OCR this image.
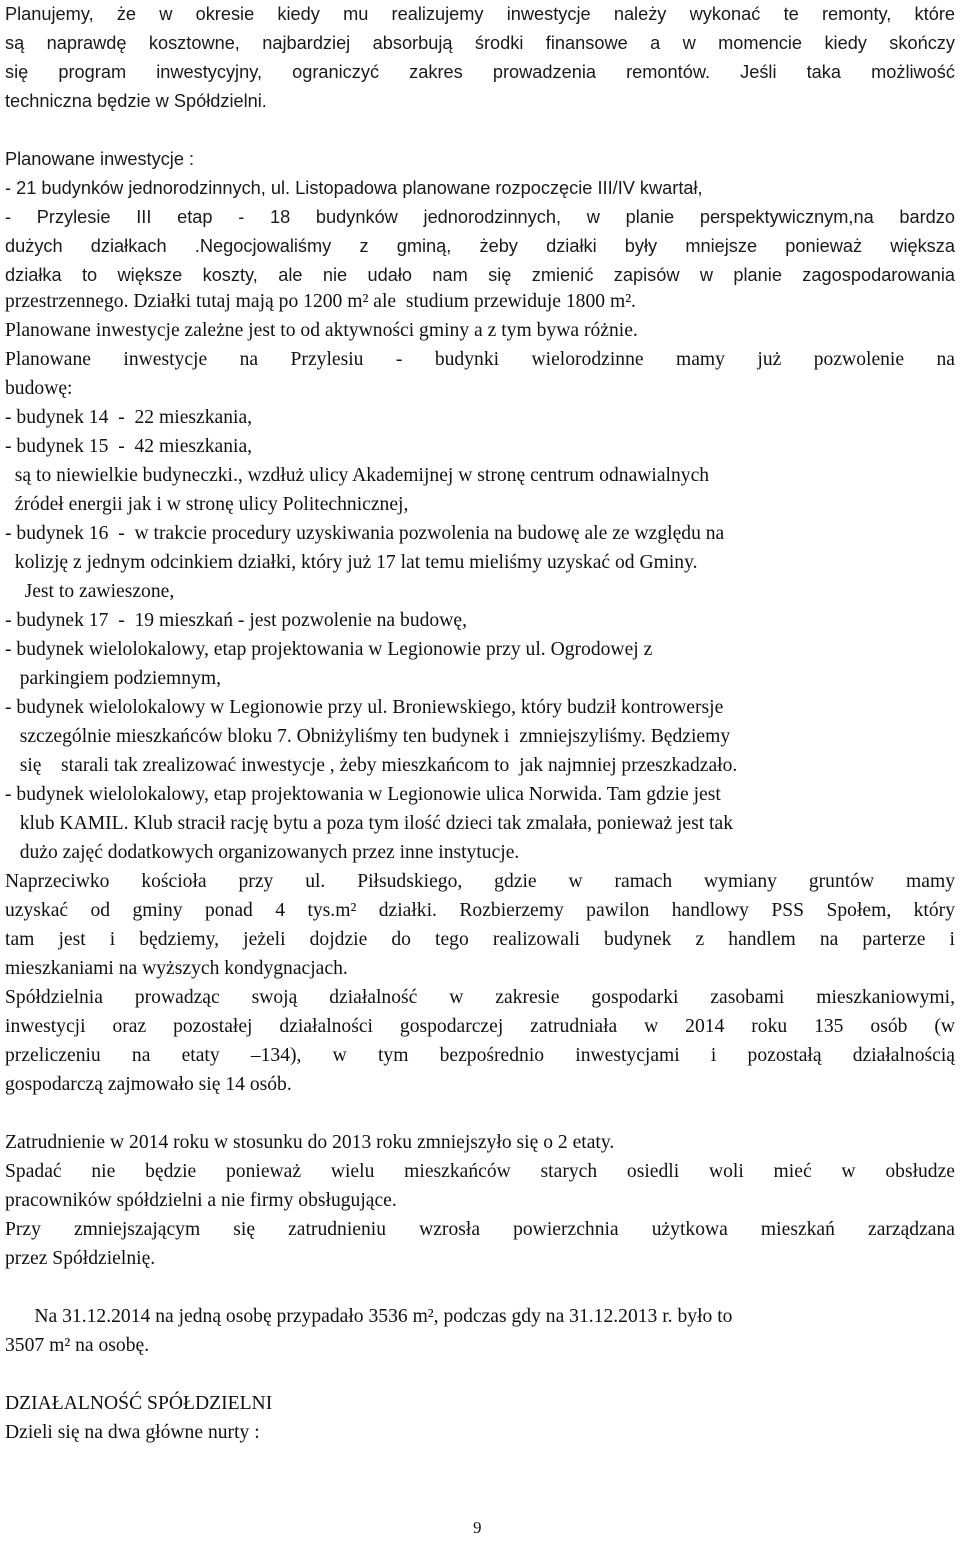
Planujemy, że w okresie kiedy mu realizujemy inwestycje należy wykonać te remonty, które
są naprawdę kosztowne, najbardziej absorbują środki finansowe a w momencie kiedy skończy
się program inwestycyjny, ograniczyć zakres prowadzenia remontów. Jeśli taka możliwość
techniczna będzie w Spółdzielni.
Planowane inwestycje :
- 21 budynków jednorodzinnych, ul. Listopadowa planowane rozpoczęcie III/IV kwartał,
- Przylesie III etap - 18 budynków jednorodzinnych, w planie perspektywicznym,na bardzo
dużych działkach .Negocjowaliśmy z gminą, żeby działki były mniejsze ponieważ większa
działka to większe koszty, ale nie udało nam się zmienić zapisów w planie zagospodarowania
przestrzennego. Działki tutaj mają po 1200 m² ale  studium przewiduje 1800 m².
Planowane inwestycje zależne jest to od aktywności gminy a z tym bywa różnie.
Planowane inwestycje na Przylesiu - budynki wielorodzinne mamy już pozwolenie na
budowę:
- budynek 14  -  22 mieszkania,
- budynek 15  -  42 mieszkania,
są to niewielkie budyneczki., wzdłuż ulicy Akademijnej w stronę centrum odnawialnych
źródeł energii jak i w stronę ulicy Politechnicznej,
- budynek 16  -  w trakcie procedury uzyskiwania pozwolenia na budowę ale ze względu na
kolizję z jednym odcinkiem działki, który już 17 lat temu mieliśmy uzyskać od Gminy.
Jest to zawieszone,
- budynek 17  -  19 mieszkań - jest pozwolenie na budowę,
- budynek wielolokalowy, etap projektowania w Legionowie przy ul. Ogrodowej z
parkingiem podziemnym,
- budynek wielolokalowy w Legionowie przy ul. Broniewskiego, który budził kontrowersje
szczególnie mieszkańców bloku 7. Obniżyliśmy ten budynek i  zmniejszyliśmy. Będziemy
się    starali tak zrealizować inwestycje , żeby mieszkańcom to  jak najmniej przeszkadzało.
- budynek wielolokalowy, etap projektowania w Legionowie ulica Norwida. Tam gdzie jest
klub KAMIL. Klub stracił rację bytu a poza tym ilość dzieci tak zmalała, ponieważ jest tak
dużo zajęć dodatkowych organizowanych przez inne instytucje.
Naprzeciwko kościoła przy ul. Piłsudskiego, gdzie w ramach wymiany gruntów mamy
uzyskać od gminy ponad 4 tys.m² działki. Rozbierzemy pawilon handlowy PSS Społem, który
tam jest i będziemy, jeżeli dojdzie do tego realizowali budynek z handlem na parterze i
mieszkaniami na wyższych kondygnacjach.
Spółdzielnia prowadząc swoją działalność w zakresie gospodarki zasobami mieszkaniowymi,
inwestycji oraz pozostałej działalności gospodarczej zatrudniała w 2014 roku 135 osób (w
przeliczeniu na etaty –134), w tym bezpośrednio inwestycjami i pozostałą działalnością
gospodarczą zajmowało się 14 osób.
Zatrudnienie w 2014 roku w stosunku do 2013 roku zmniejszyło się o 2 etaty.
Spadać nie będzie ponieważ wielu mieszkańców starych osiedli woli mieć w obsłudze
pracowników spółdzielni a nie firmy obsługujące.
Przy zmniejszającym się zatrudnieniu wzrosła powierzchnia użytkowa mieszkań zarządzana
przez Spółdzielnię.
Na 31.12.2014 na jedną osobę przypadało 3536 m², podczas gdy na 31.12.2013 r. było to
3507 m² na osobę.
DZIAŁALNOŚĆ SPÓŁDZIELNI
Dzieli się na dwa główne nurty :
9
